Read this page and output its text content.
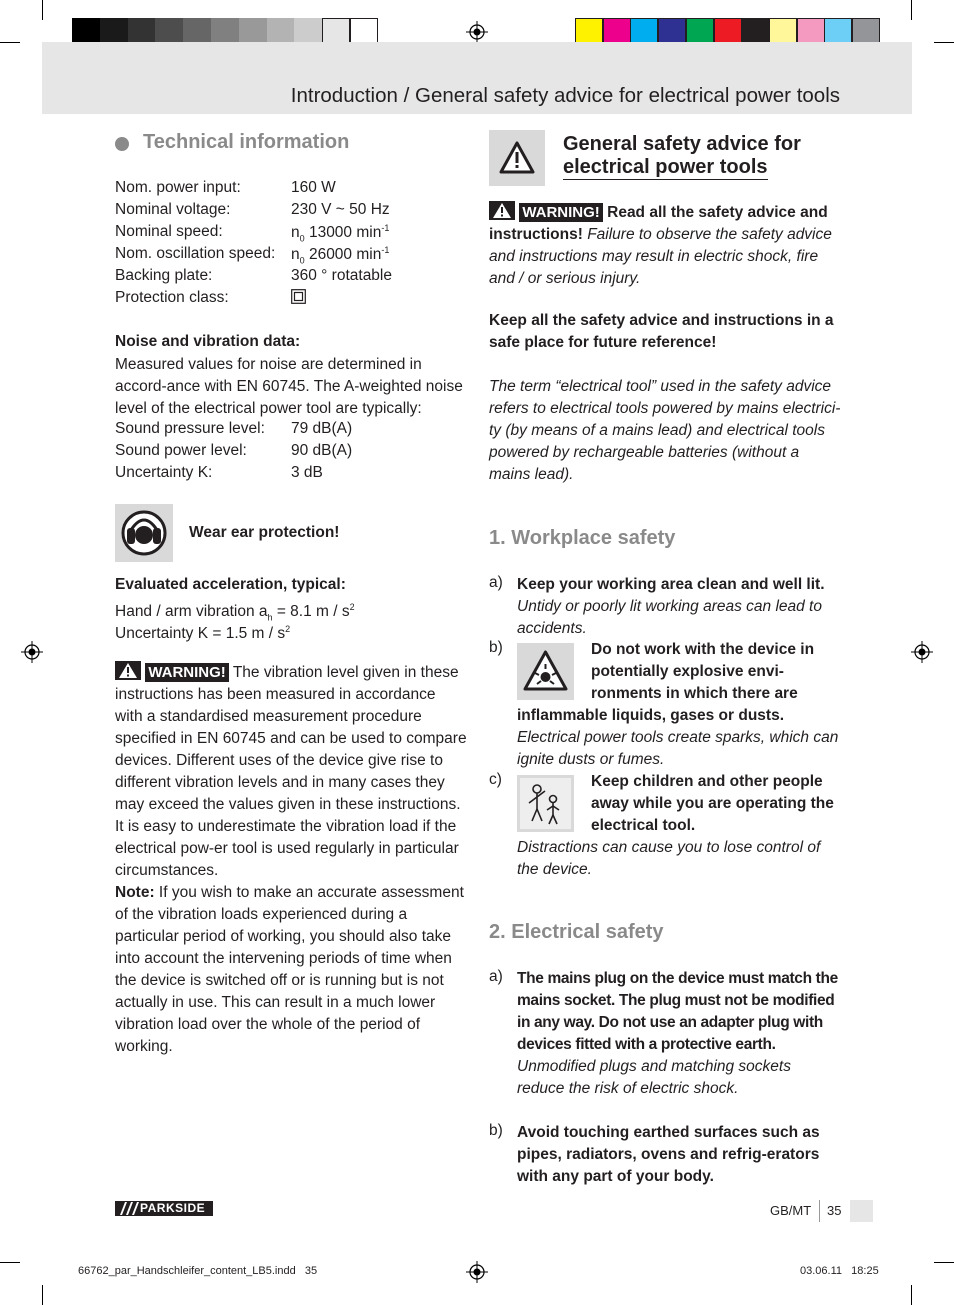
Introduction / General safety advice for electrical power tools
Technical information
Nom. power input:	160 W
Nominal voltage:	230 V ~ 50 Hz
Nominal speed:	$n_0$ 13000 $\min^{-1}$
Nom. oscillation speed: $n_0$ 26000 $\min^{-1}$
Backing plate:	360 ° rotatable
Protection class:
Noise and vibration data:
Measured values for noise are determined in accord-ance with EN 60745. The A-weighted noise level of the electrical power tool are typically:
Sound pressure level: 79 dB(A)
Sound power level:	90 dB(A)
Uncertainty K:	3 dB
Wear ear protection!
Evaluated acceleration, typical:
Hand / arm vibration $a_h = 8.1$ m / $s^2$
Uncertainty K = 1.5 m / $s^2$
WARNING! The vibration level given in these instructions has been measured in accordance with a standardised measurement procedure specified in EN 60745 and can be used to compare devices. Different uses of the device give rise to different vibration levels and in many cases they may exceed the values given in these instructions. It is easy to underestimate the vibration load if the electrical pow-er tool is used regularly in particular circumstances.
Note: If you wish to make an accurate assessment of the vibration loads experienced during a particular period of working, you should also take into account the intervening periods of time when the device is switched off or is running but is not actually in use. This can result in a much lower vibration load over the whole of the period of working.
General safety advice for
electrical power tools
WARNING! Read all the safety advice and instructions! Failure to observe the safety advice and instructions may result in electric shock, fire and / or serious injury.
Keep all the safety advice and instructions in a safe place for future reference!
The term “electrical tool” used in the safety advice refers to electrical tools powered by mains electrici-ty (by means of a mains lead) and electrical tools powered by rechargeable batteries (without a mains lead).
1. Workplace safety
a) Keep your working area clean and well lit. Untidy or poorly lit working areas can lead to accidents.
b)	Do not work with the device in potentially explosive envi-ronments in which there are
inflammable liquids, gases or dusts.
Electrical power tools create sparks, which can ignite dusts or fumes.
c)	Keep children and other people away while you are operating the electrical tool.
Distractions can cause you to lose control of the device.
2. Electrical safety
a) The mains plug on the device must match the mains socket. The plug must not be modified in any way. Do not use an adapter plug with devices fitted with a protective earth. Unmodified plugs and matching sockets reduce the risk of electric shock.
b) Avoid touching earthed surfaces such as pipes, radiators, ovens and refrig-erators with any part of your body.
PARKSIDE	GB/MT 35
66762_par_Handschleifer_content_LB5.indd   35	03.06.11   18:25
